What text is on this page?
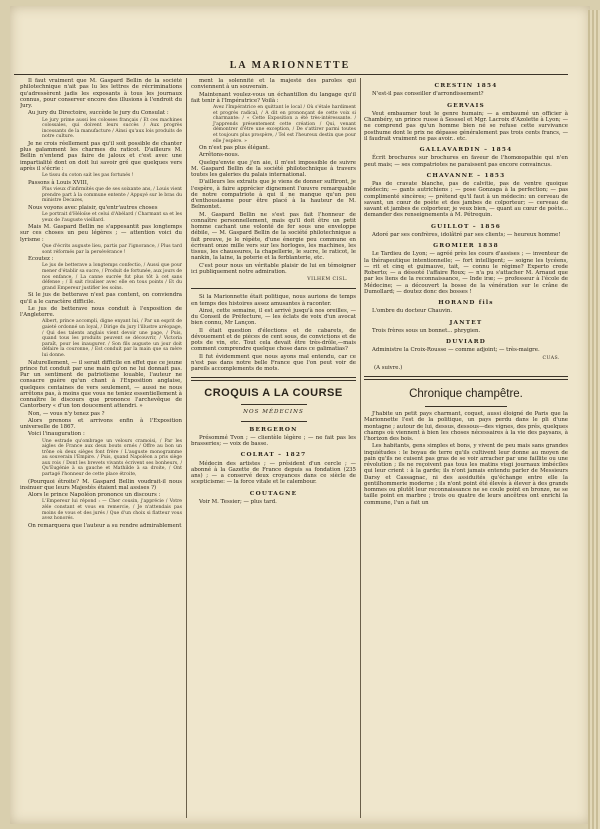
LA MARIONNETTE
Il faut vraiment que M. Gaspard Bellin de la société philotechnique n'ait pas lu les lettres de récriminations qu'adressèrent jadis les exposants à tous les journaux connus, pour conserver encore des illusions à l'endroit du Jury.
Au jury du Directoire, succède le jury du Consulat :
Le jury prime aussi les colosses français / Et ces machines colossales, qui doivent leurs succès / Aux progrès incessants de la manufacture / Ainsi qu'aux lois produits de notre culture.
Je ne crois réellement pas qu'il soit possible de chanter plus galamment les charmes du raticot. D'ailleurs M. Bellin n'entend pas faire de jaloux et c'est avec une impartialité dont on doit lui savoir gré que quelques vers après il s'écrie :
Le tissu du coton sait les pas fortunés !
Passons à Louis XVIII,
Plus vieux d'infirmités que de ses soixante ans, / Louis vient prendre part à la commune entente / Appuyé sur le bras du ministre Decazes,
Nous voyons avec plaisir, qu'entr'autres choses
Le portrait d'Héloïse et celui d'Abélard / Charmant sa et les yeux de l'auguste vieillard.
Mais M. Gaspard Bellin ne s'appesantit pas longtemps sur ces choses un peu légères ; — attention voici du lyrisme :
Que d'écrits auguste lieu, partis par l'ignorance, / Plus tard sont réformés par la persévérance !
Ecoutez :
Le jus de betterave a longtemps confectio, / Aussi que pour mener d'établir sa sucre, / Produit de fortunée, aux jours de nos enfance, / La canne sucrée fut plus tôt à cet sans défense ; / Il sait rivaliser avec elle en tous points / Et du grand Empereur justifier les soins.
Si le jus de betterave n'est pas content, on conviendra qu'il a le caractère difficile.
Le jus de betterave nous conduit à l'exposition de l'Angleterre.
Albert, prince accompli, digne enyant lui, / Par un esprit de gaieté ordonné un loyal, / Dirige du jury l'illustre aréopage, / Qui des talents anglais vient devoir une page, / Puis, quand tous les produits peuvent se découvrir, / Victoria paraît, pour les inaugurer. / Son fils auguste un jour doit défaire la couronne, / Est conduit par la main que sa mère lui donne.
Naturellement, — il serait difficile en effet que ce jeune prince fut conduit par une main qu'on ne lui donnait pas. Par un sentiment de patriotisme louable, l'auteur ne consacre guère qu'un chant à l'Exposition anglaise, quelques centaines de vers seulement, — aussi ne nous arrêtons pas, à moins que vous ne teniez essentiellement à connaître le discours que prononce l'archevêque de Cantorbery « d'un ton doucement attendri. »
Non, — vous n'y tenez pas ?
Alors prenons et arrivons enfin à l'Exposition universelle de 1867.
Voici l'inauguration :
Une estrade qu'ombrage un velours cramoisi, / Par les aigles de France aux deux bouts ornés / Offre au bon un trône où deux sièges font frère / L'auguste monogramme au souverain l'Empire. / Puis, quand Napoléon a pris siège aux rois / Dont les brevets vivants écrivent ses bonheurs, / Qu'Eugénie à sa gauche et Mathilde à sa droite, / Ont partagé l'honneur de cette place étroite,
(Pourquoi étroite? M. Gaspard Bellin voudrait-il nous insinuer que leurs Majestés étaient mal assises ?)
Alors le prince Napoléon prononce un discours :
L'Empereur lui répond : — Cher cousin, j'apprécie / Votre zèle constant et vous en remercie, / Je n'attendais pas moins de vous et des jurés / Que d'un choix si flatteur vous avez honorés.
On remarquera que l'auteur a su rendre admirablement
ment la solennité et la majesté des paroles qui conviennent à un souverain.
Maintenant voulez-vous un échantillon du langage qu'il fait tenir à l'Impératrice? Voilà :
Avez l'Impératrice en quittant le local / Où s'étale hardiment et progrès radical, / A dit en prononçant de cette voix si charmante: / « Cette Exposition a été très-intéressante. / J'apprends présentement cette création / Qui, venant démontrer d'être une exception, / De s'attirer parmi toutes et toujours plus prospère, / Tel est l'heureux destin que pour elle j'espère. »
On n'est pas plus élégant.
Arrêtons-nous.
Quelqu'envie que j'en aie, il m'est impossible de suivre M. Gaspard Bellin de la société philotechnique à travers toutes les galeries du palais international.
D'ailleurs les extraits que je viens de donner suffiront, je l'espère, à faire apprécier dignement l'œuvre remarquable de notre compatriote à qui il ne manque qu'un peu d'enthousiasme pour être placé à la hauteur de M. Belmontet.
M. Gaspard Bellin ne s'est pas fait l'honneur de connaître personnellement, mais qu'il doit être un petit homme cachant une volonté de fer sous une enveloppe débile, — M. Gaspard Bellin de la société philotechnique a fait preuve, je le répète, d'une énergie peu commune en écrivant onze mille vers sur les horloges, les machines, les tissus, les chaussures, la chapellerie, le sucre, le raticot, le nankin, la laine, la poterie et la ferblanterie, etc.
C'est pour nous un véritable plaisir de lui en témoigner ici publiquement notre admiration.
VILHEM CISL.
Si la Marionnette était politique, nous aurions de temps en temps des histoires assez amusantes à raconter.
Ainsi, cette semaine, il est arrivé jusqu'à nos oreilles, — du Conseil de Préfecture, — les éclats de voix d'un avocat bien connu, Mr Lançon.
Il était question d'élections et de cabarets, de dévouement et de pièces de cent sous, de convictions et de pots de vin, etc. Tout cela devait être très-drôle,—mais comment comprendre quelque chose dans ce galimatias?
Il fut évidemment que nous ayons mal entendu, car ce n'est pas dans notre belle France que l'on peut voir de pareils accomplements de mots.
CROQUIS A LA COURSE
NOS MÉDECINS
BERGERON
Présommé Tvon ; — clientèle légère ; — ne fait pas les brasseries; — voix de basse.
COLRAT – 1827
Médecin des artistes ; — président d'un cercle ; — abonné à la Gazette de France depuis sa fondation (235 ans) ; — a conservé deux croyances dans ce siècle de scepticisme: — la force vitale et le calembour.
COUTAGNE
Voir M. Tessier; — plus tard.
CRESTIN 1854
N'est-il pas conseiller d'arrondissement?
GERVAIS
Veut embaumer tout le genre humain; — a embaumé un officier à Chambéry, un prince russe à Sesssel et Mgr. Lacroix d'Azolette à Lyon; — ne comprend pas qu'un homme bien né se refuse cette survivance posthume dont le prix ne dépasse généralement pas trois cents francs, — il faudrait vraiment ne pas avoir.. etc.
GALLAVARDIN – 1854
Écrit brochures sur brochures en faveur de l'homœopathie qui n'en peut mais; — ses compatriotes ne paraissent pas encore convaincus.
CHAVANNE – 1853
Pas de cravate blanche, pas de calvitie, pas de ventre quoique médecin; — gants autrichiens ; — pose Gonzaga à la perfection; — pas complimenté sincères; — prétend qu'il faut à un médecin: un cerveau de savant, un cœur de poète et des jambes de colporteur; — cerveau de savant et jambes de colporteur, je veux bien, — quant au cœur de poète... demander des renseignements à M. Pétrequin.
GUILLOT – 1856
Adoré par ses confrères, idolâtré par ses clients; — heureux homme!
GROMIER 1838
Le Tardieu de Lyon; — agréé près les cours d'assises ; — inventeur de la thérapeutique intentionnelle; — fort intelligent; — soigne les lycéens, — rit et cinq et guimauve, tait, — connu le régime? Experto crede Roberto; — a déssoté l'affaire Roux; — n'a pu s'attacher M. Arnaud que par les liens de la reconnaissance, — Inde iræ; — professeur à l'école de Médecine; — a découvert la bosse de la vénération sur le crâne de Dumollard; — doutez donc des bosses !
HORAND fils
L'ombre du docteur Chauvin.
JANTET
Trois frères sous un bonnet... phrygien.
DUVIARD
Administre la Croix-Rousse — comme adjoint; — très-maigre.
CUAS.
(A suivre.)
Chronique champêtre.
J'habite un petit pays charmant, coquet, aussi éloigné de Paris que la Marionnette l'est de la politique, un pays perdu dans le pli d'une montagne ; autour de lui, dessus, dessous—des vignes, des prés, quelques champs où viennent à bien les choses nécessaires à la vie des paysans, à l'horizon des bois.
Les habitants, gens simples et bons, y vivent de peu mais sans grandes inquiétudes : le boyau de terre qu'ils cultivent leur donne au moyen de pain qu'ils ne cuisent pas gras de se voir arracher par une faillite ou une révolution ; ils ne reçoivent pas tous les matins visgi journaux imbéciles qui leur crient : à la garde; ils n'ont jamais entendu parler de Messieurs Darsy et Cassagnac, ni des assiduités qu'échange entre elle la gentilhommerie moderne ; ils n'ont point été élevés à élever à des grands hommes ou plutôt leur reconnaissance ne se coule point en bronze, ne se taille point en marbre ; trois ou quatre de leurs ancêtres ont enrichi la commune, l'un a fait un
